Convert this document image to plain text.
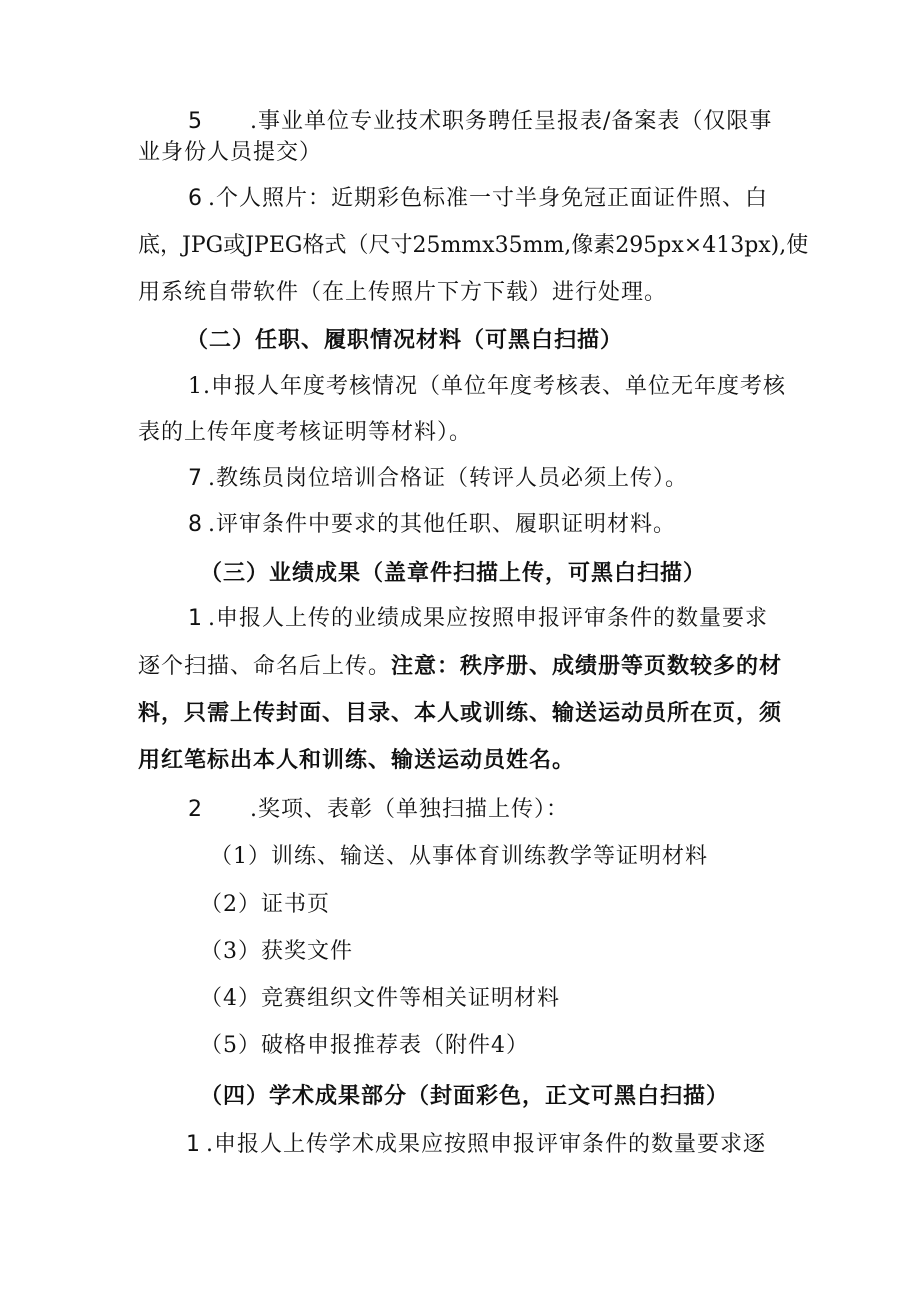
5 .事业单位专业技术职务聘任呈报表/备案表（仅限事
业身份人员提交）
6 .个人照片：近期彩色标准一寸半身免冠正面证件照、白
底，JPG或JPEG格式（尺寸25mmx35mm,像素295px×413px),使
用系统自带软件（在上传照片下方下载）进行处理。
（二）任职、履职情况材料（可黑白扫描）
1.申报人年度考核情况（单位年度考核表、单位无年度考核
表的上传年度考核证明等材料）。
7 .教练员岗位培训合格证（转评人员必须上传）。
8 .评审条件中要求的其他任职、履职证明材料。
（三）业绩成果（盖章件扫描上传，可黑白扫描）
1 .申报人上传的业绩成果应按照申报评审条件的数量要求
逐个扫描、命名后上传。注意：秩序册、成绩册等页数较多的材
料，只需上传封面、目录、本人或训练、输送运动员所在页，须
用红笔标出本人和训练、输送运动员姓名。
2 .奖项、表彰（单独扫描上传）：
（1）训练、输送、从事体育训练教学等证明材料
（2）证书页
（3）获奖文件
（4）竞赛组织文件等相关证明材料
（5）破格申报推荐表（附件4）
（四）学术成果部分（封面彩色，正文可黑白扫描）
1 .申报人上传学术成果应按照申报评审条件的数量要求逐
